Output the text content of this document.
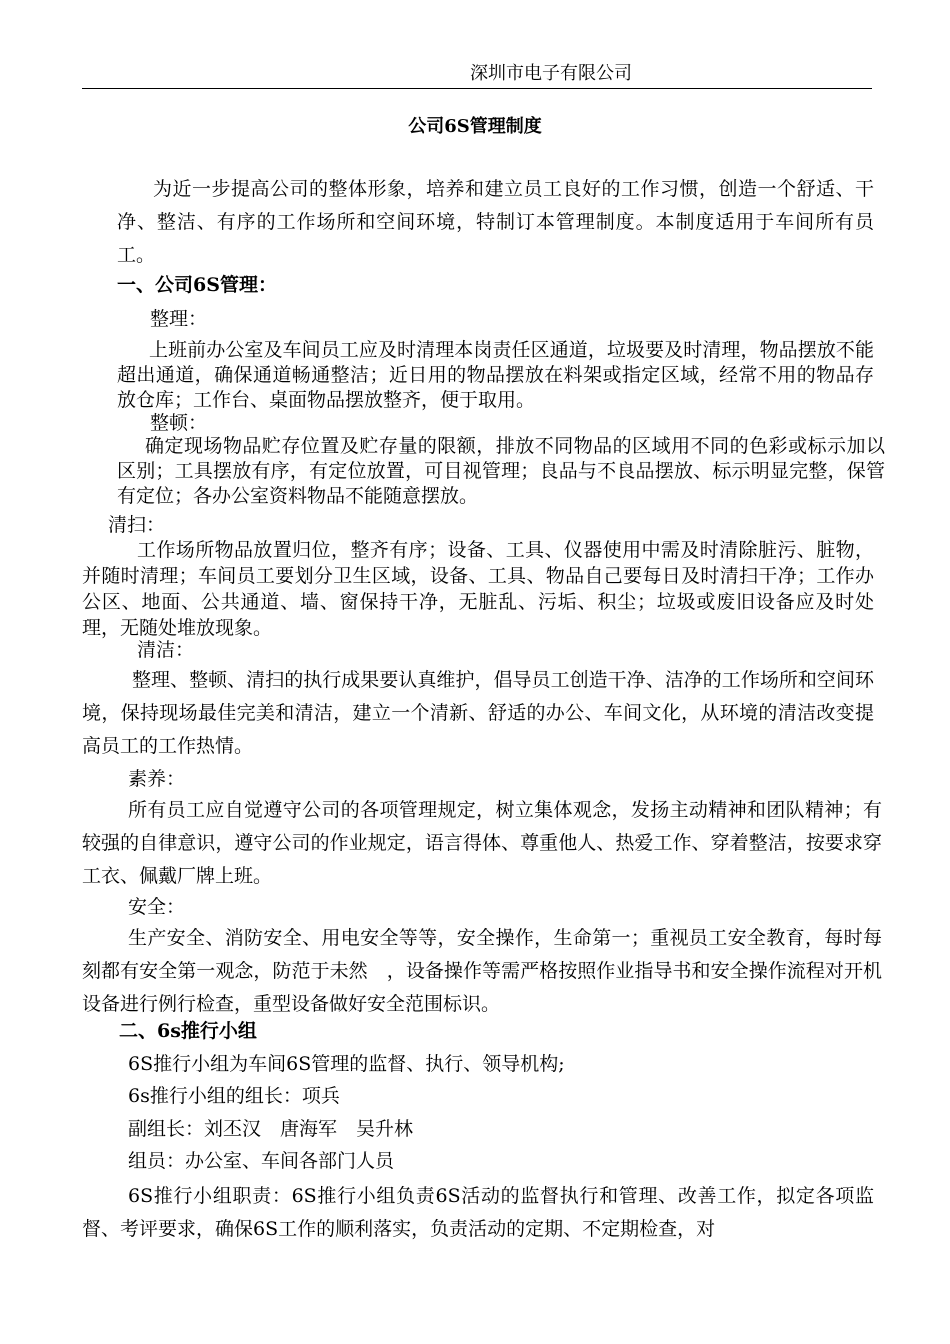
深圳市电子有限公司
公司6S管理制度

为近一步提高公司的整体形象，培养和建立员工良好的工作习惯，创造一个舒适、干净、整洁、有序的工作场所和空间环境，特制订本管理制度。本制度适用于车间所有员工。

一、公司6S管理：

整理：

上班前办公室及车间员工应及时清理本岗责任区通道，垃圾要及时清理，物品摆放不能超出通道，确保通道畅通整洁；近日用的物品摆放在料架或指定区域，经常不用的物品存放仓库；工作台、桌面物品摆放整齐，便于取用。

整顿：

确定现场物品贮存位置及贮存量的限额，排放不同物品的区域用不同的色彩或标示加以区别；工具摆放有序，有定位放置，可目视管理；良品与不良品摆放、标示明显完整，保管有定位；各办公室资料物品不能随意摆放。

清扫：

工作场所物品放置归位，整齐有序；设备、工具、仪器使用中需及时清除脏污、脏物，并随时清理；车间员工要划分卫生区域，设备、工具、物品自己要每日及时清扫干净；工作办公区、地面、公共通道、墙、窗保持干净，无脏乱、污垢、积尘；垃圾或废旧设备应及时处理，无随处堆放现象。

清洁：

整理、整顿、清扫的执行成果要认真维护，倡导员工创造干净、洁净的工作场所和空间环境，保持现场最佳完美和清洁，建立一个清新、舒适的办公、车间文化，从环境的清洁改变提高员工的工作热情。

素养：

所有员工应自觉遵守公司的各项管理规定，树立集体观念，发扬主动精神和团队精神；有较强的自律意识，遵守公司的作业规定，语言得体、尊重他人、热爱工作、穿着整洁，按要求穿工衣、佩戴厂牌上班。

安全：

生产安全、消防安全、用电安全等等，安全操作，生命第一；重视员工安全教育，每时每刻都有安全第一观念，防范于未然　，设备操作等需严格按照作业指导书和安全操作流程对开机设备进行例行检查，重型设备做好安全范围标识。

二、6s推行小组

6S推行小组为车间6S管理的监督、执行、领导机构;

6s推行小组的组长：项兵

副组长：刘丕汉　唐海军　吴升林

组员：办公室、车间各部门人员

6S推行小组职责：6S推行小组负责6S活动的监督执行和管理、改善工作，拟定各项监督、考评要求，确保6S工作的顺利落实，负责活动的定期、不定期检查，对
